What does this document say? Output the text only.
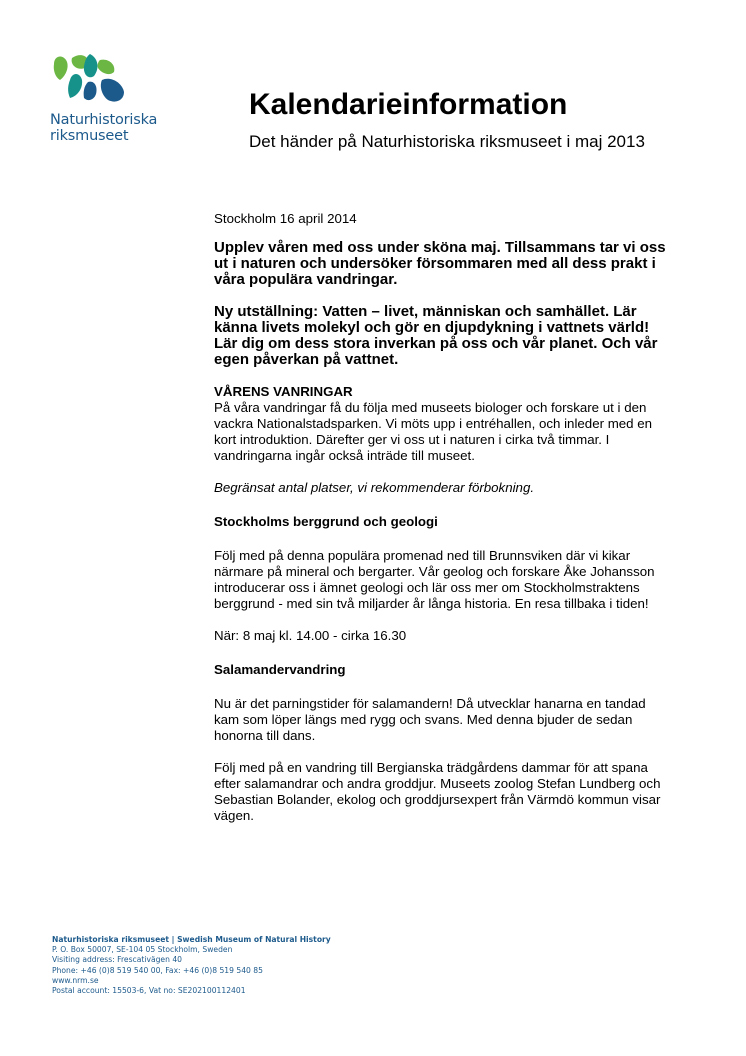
Naturhistoriska
riksmuseet
Kalendarieinformation

Det händer på Naturhistoriska riksmuseet i maj 2013

Stockholm 16 april 2014

Upplev våren med oss under sköna maj. Tillsammans tar vi oss ut i naturen och undersöker försommaren med all dess prakt i våra populära vandringar.

Ny utställning: Vatten – livet, människan och samhället. Lär känna livets molekyl och gör en djupdykning i vattnets värld! Lär dig om dess stora inverkan på oss och vår planet. Och vår egen påverkan på vattnet.

VÅRENS VANRINGAR

På våra vandringar få du följa med museets biologer och forskare ut i den vackra Nationalstadsparken. Vi möts upp i entréhallen, och inleder med en kort introduktion. Därefter ger vi oss ut i naturen i cirka två timmar. I vandringarna ingår också inträde till museet.

Begränsat antal platser, vi rekommenderar förbokning.

Stockholms berggrund och geologi

Följ med på denna populära promenad ned till Brunnsviken där vi kikar närmare på mineral och bergarter. Vår geolog och forskare Åke Johansson introducerar oss i ämnet geologi och lär oss mer om Stockholmstraktens berggrund - med sin två miljarder år långa historia. En resa tillbaka i tiden!

När: 8 maj kl. 14.00 - cirka 16.30

Salamandervandring

Nu är det parningstider för salamandern! Då utvecklar hanarna en tandad kam som löper längs med rygg och svans. Med denna bjuder de sedan honorna till dans.

Följ med på en vandring till Bergianska trädgårdens dammar för att spana efter salamandrar och andra groddjur. Museets zoolog Stefan Lundberg och Sebastian Bolander, ekolog och groddjursexpert från Värmdö kommun visar vägen.

Naturhistoriska riksmuseet | Swedish Museum of Natural History
P. O. Box 50007, SE-104 05 Stockholm, Sweden
Visiting address: Frescativägen 40
Phone: +46 (0)8 519 540 00, Fax: +46 (0)8 519 540 85
www.nrm.se
Postal account: 15503-6, Vat no: SE202100112401
